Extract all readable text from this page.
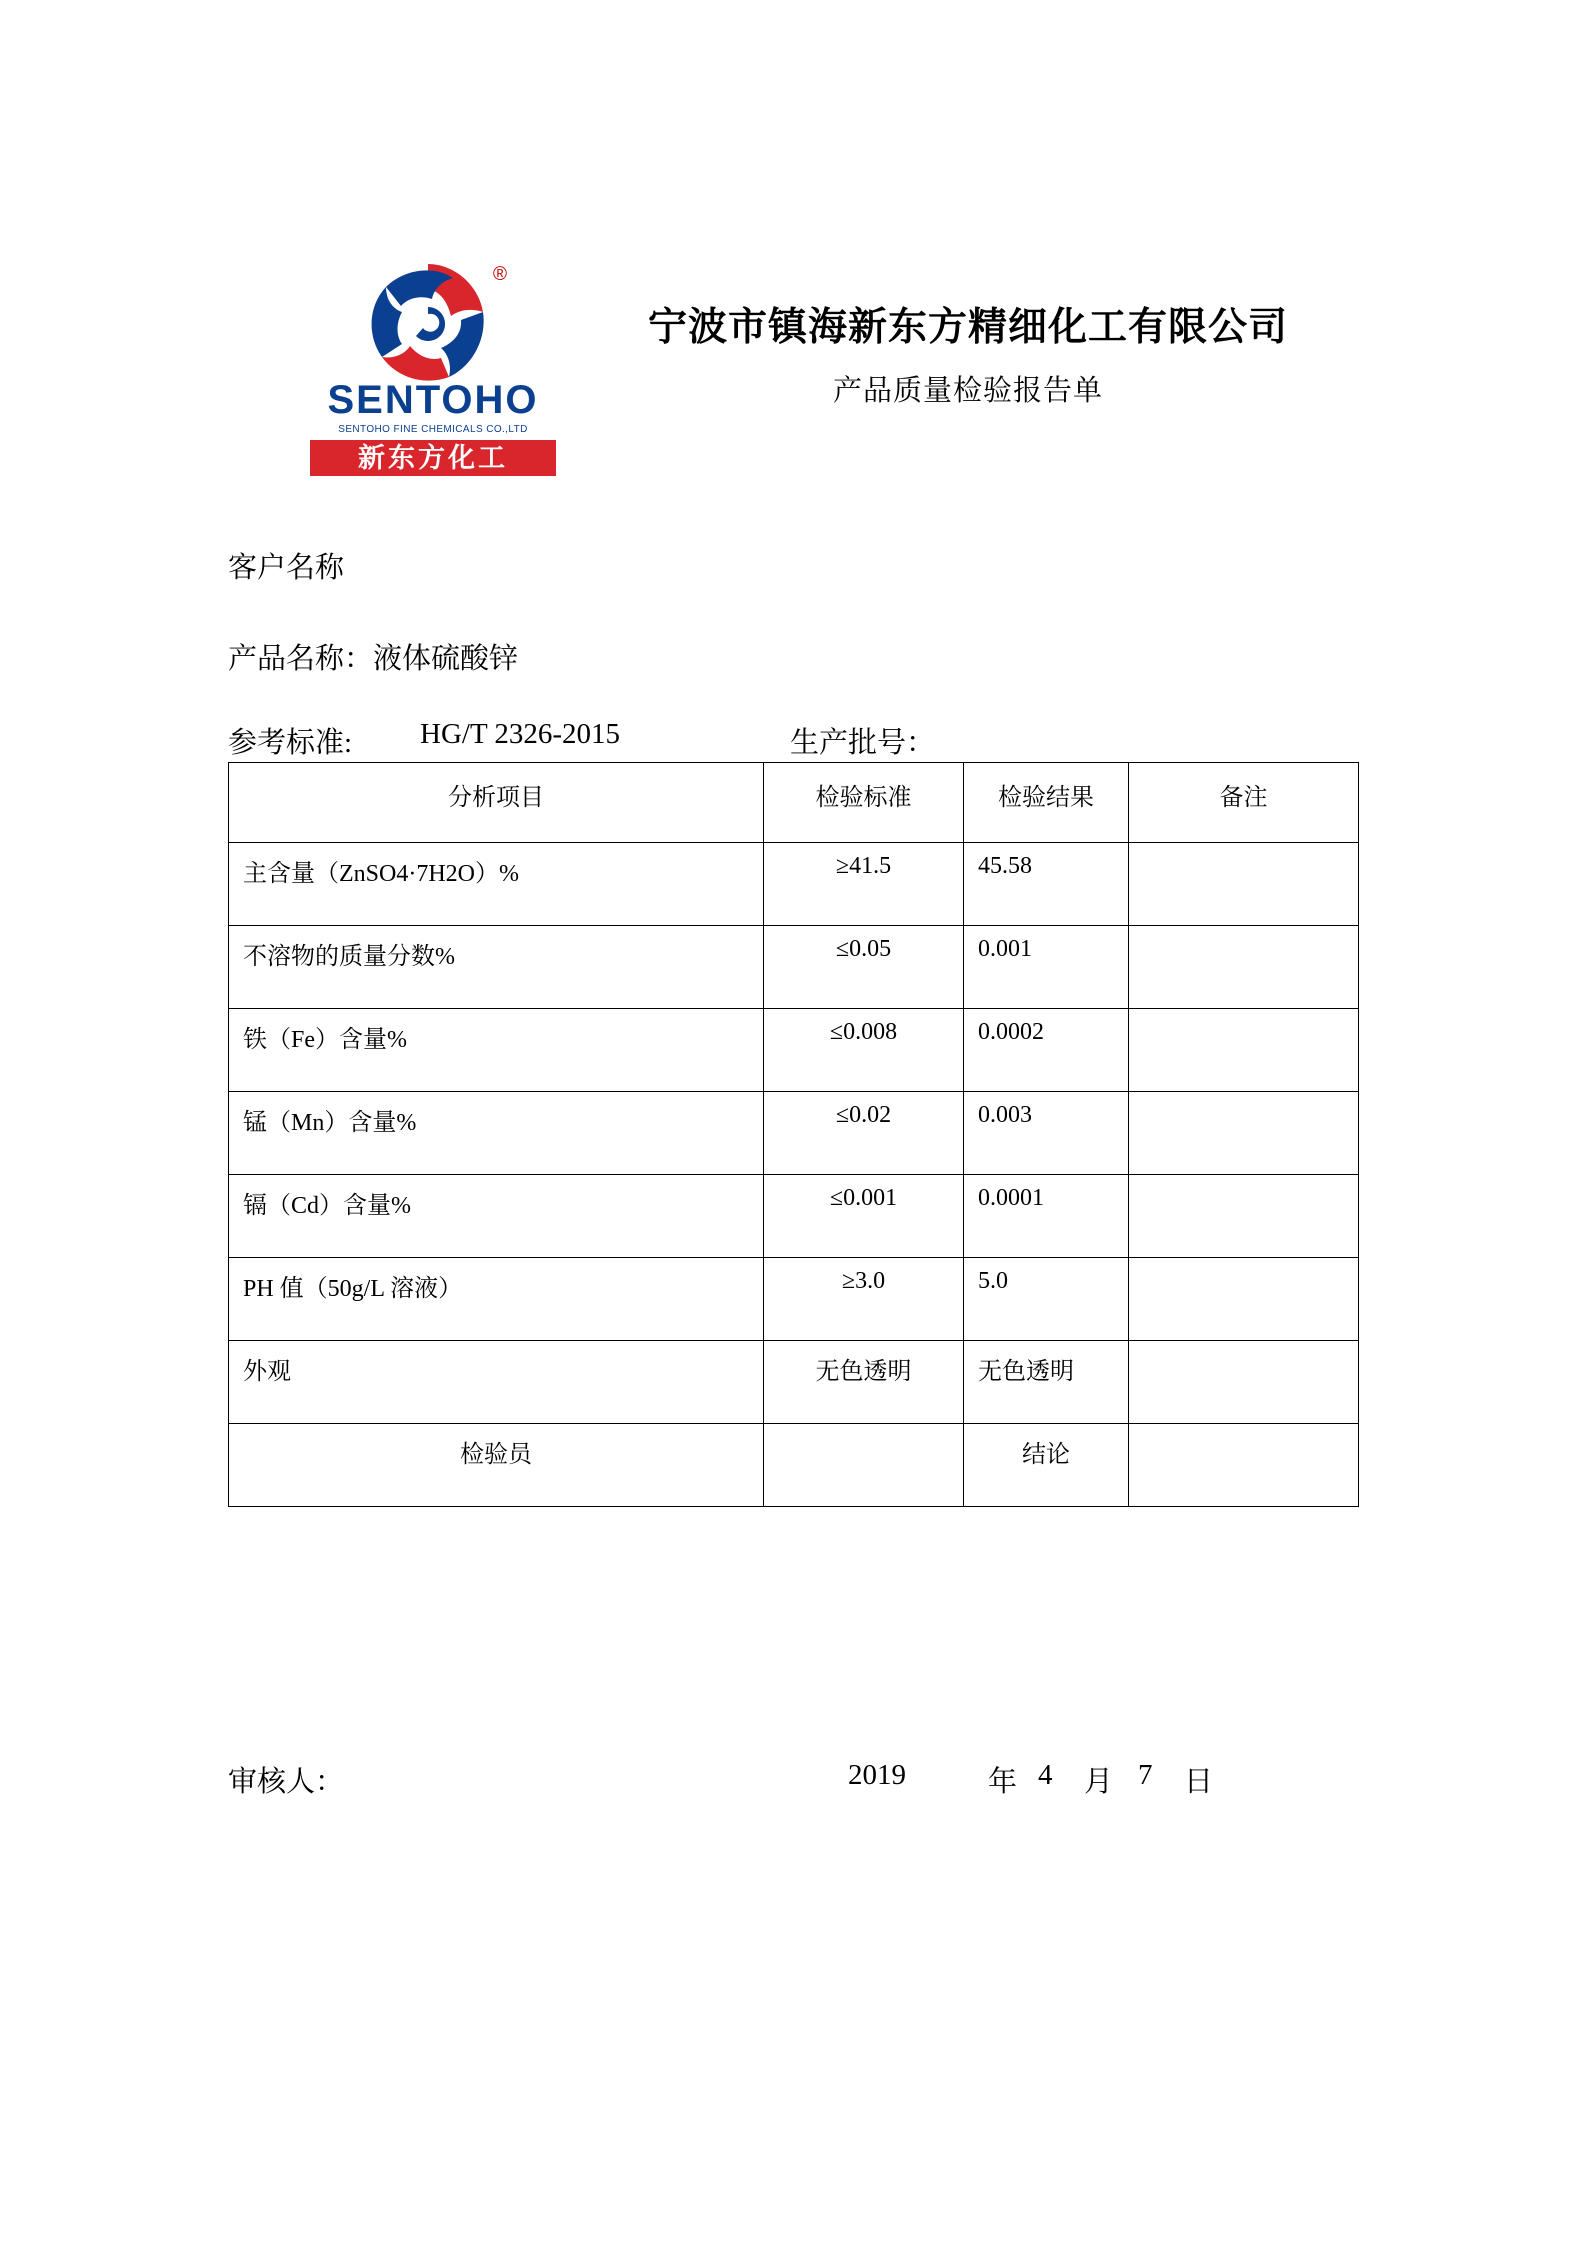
®
SENTOHO
SENTOHO FINE CHEMICALS CO.,LTD
新东方化工
宁波市镇海新东方精细化工有限公司
产品质量检验报告单
客户名称
产品名称：液体硫酸锌
参考标准: HG/T 2326-2015	生产批号：
分析项目	检验标准	检验结果	备注
主含量（ZnSO4·7H2O）%	≥41.5	45.58	
不溶物的质量分数%	≤0.05	0.001	
铁（Fe）含量%	≤0.008	0.0002	
锰（Mn）含量%	≤0.02	0.003	
镉（Cd）含量%	≤0.001	0.0001	
PH 值（50g/L 溶液）	≥3.0	5.0	
外观	无色透明	无色透明	
检验员		结论	
审核人：	2019	年 4 月 7 日
